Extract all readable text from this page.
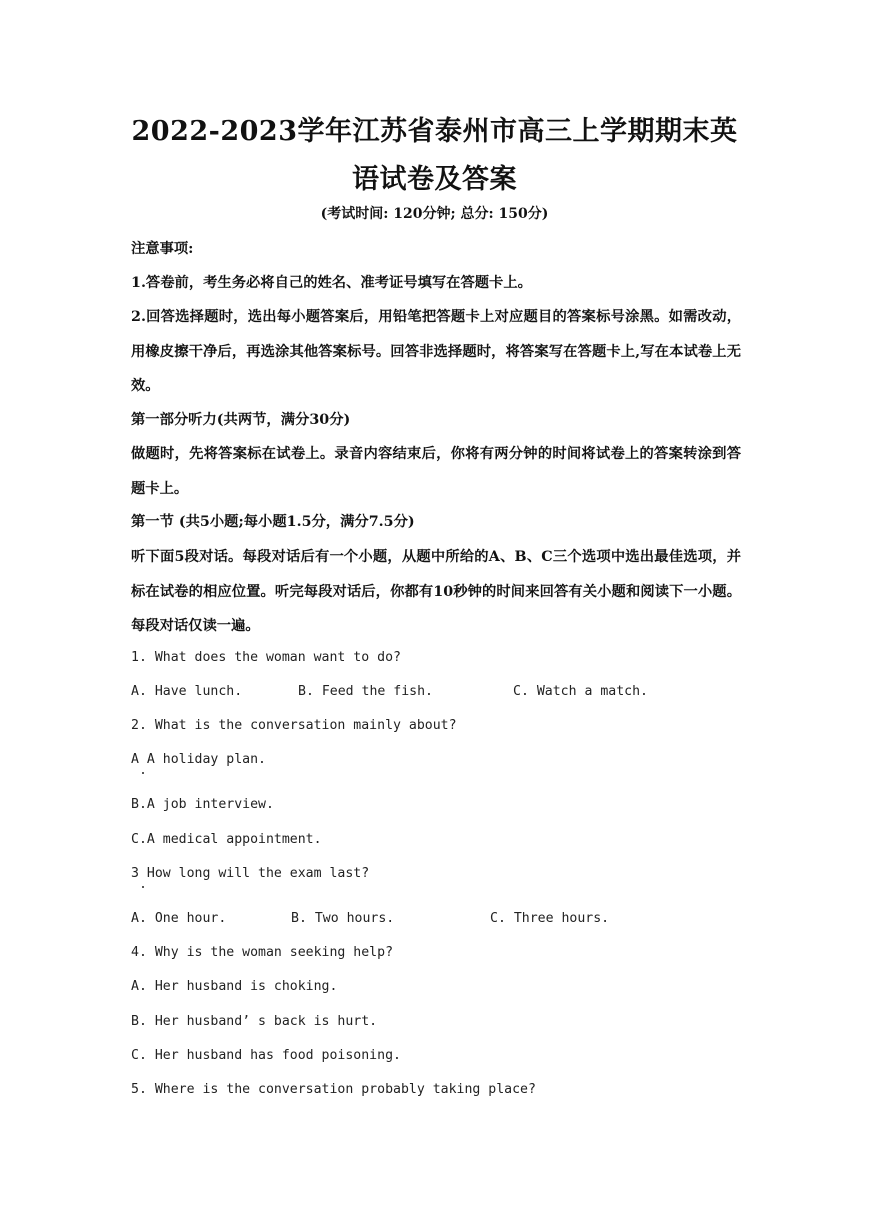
2022-2023学年江苏省泰州市高三上学期期末英语试卷及答案

(考试时间: 120分钟; 总分: 150分)

注意事项:

1.答卷前，考生务必将自己的姓名、准考证号填写在答题卡上。

2.回答选择题时，选出每小题答案后，用铅笔把答题卡上对应题目的答案标号涂黑。如需改动，用橡皮擦干净后，再选涂其他答案标号。回答非选择题时，将答案写在答题卡上,写在本试卷上无效。

第一部分听力(共两节，满分30分)

做题时，先将答案标在试卷上。录音内容结束后，你将有两分钟的时间将试卷上的答案转涂到答题卡上。

第一节 (共5小题;每小题1.5分，满分7.5分)

听下面5段对话。每段对话后有一个小题，从题中所给的A、B、C三个选项中选出最佳选项，并标在试卷的相应位置。听完每段对话后，你都有10秒钟的时间来回答有关小题和阅读下一小题。每段对话仅读一遍。

1. What does the woman want to do?

A. Have lunch.	B. Feed the fish.	C. Watch a match.

2. What is the conversation mainly about?

A A holiday plan.

B.A job interview.

C.A medical appointment.

3 How long will the exam last?

A. One hour.	B. Two hours.	C. Three hours.

4. Why is the woman seeking help?

A. Her husband is choking.

B. Her husband’ s back is hurt.

C. Her husband has food poisoning.

5. Where is the conversation probably taking place?
